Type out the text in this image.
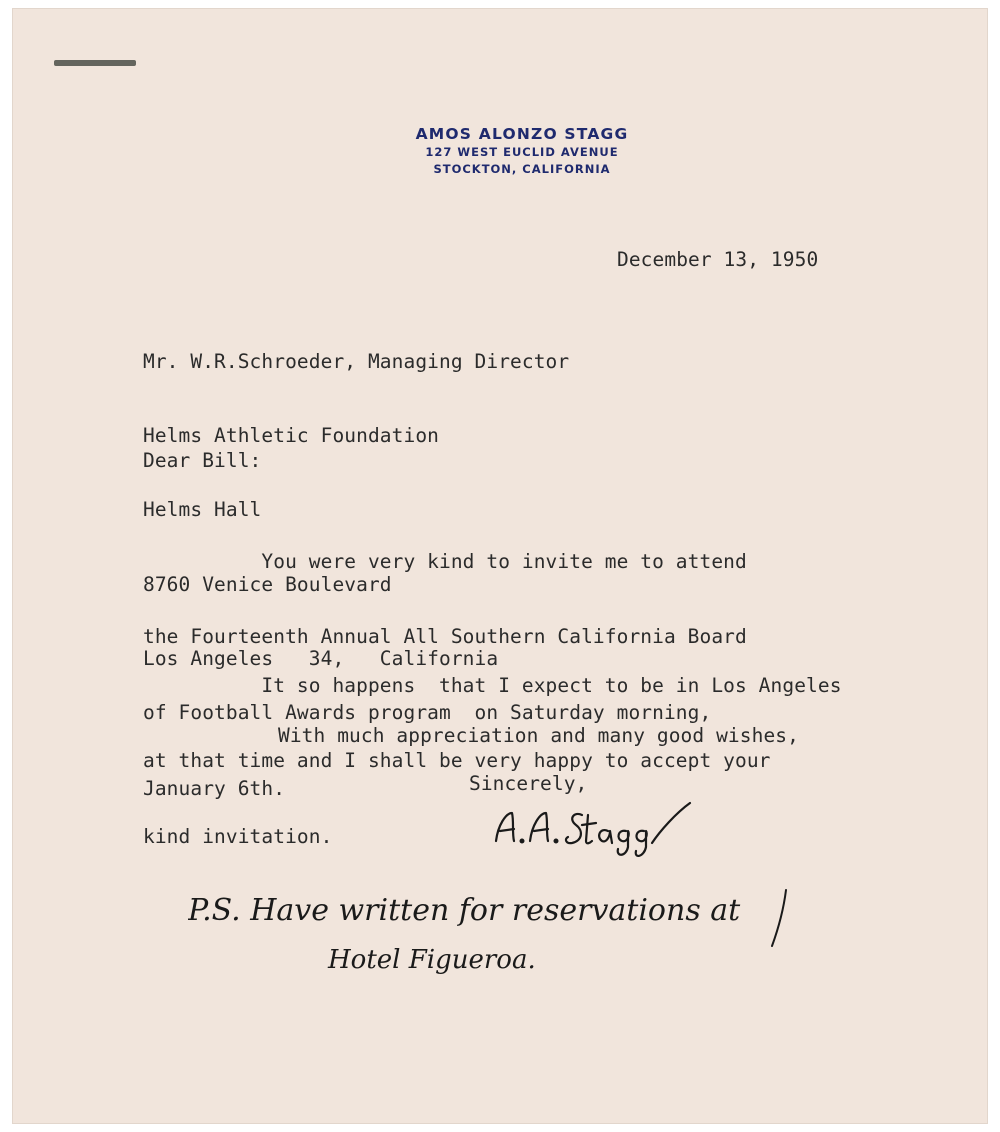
AMOS ALONZO STAGG
127 WEST EUCLID AVENUE
STOCKTON, CALIFORNIA
December 13, 1950

Mr. W.R.Schroeder, Managing Director

Helms Athletic Foundation

Helms Hall

8760 Venice Boulevard

Los Angeles   34,   California

Dear Bill:

You were very kind to invite me to attend

the Fourteenth Annual All Southern California Board

of Football Awards program  on Saturday morning,

January 6th.

It so happens  that I expect to be in Los Angeles

at that time and I shall be very happy to accept your

kind invitation.

With much appreciation and many good wishes,
Sincerely,
P.S. Have written for reservations at
Hotel Figueroa.
